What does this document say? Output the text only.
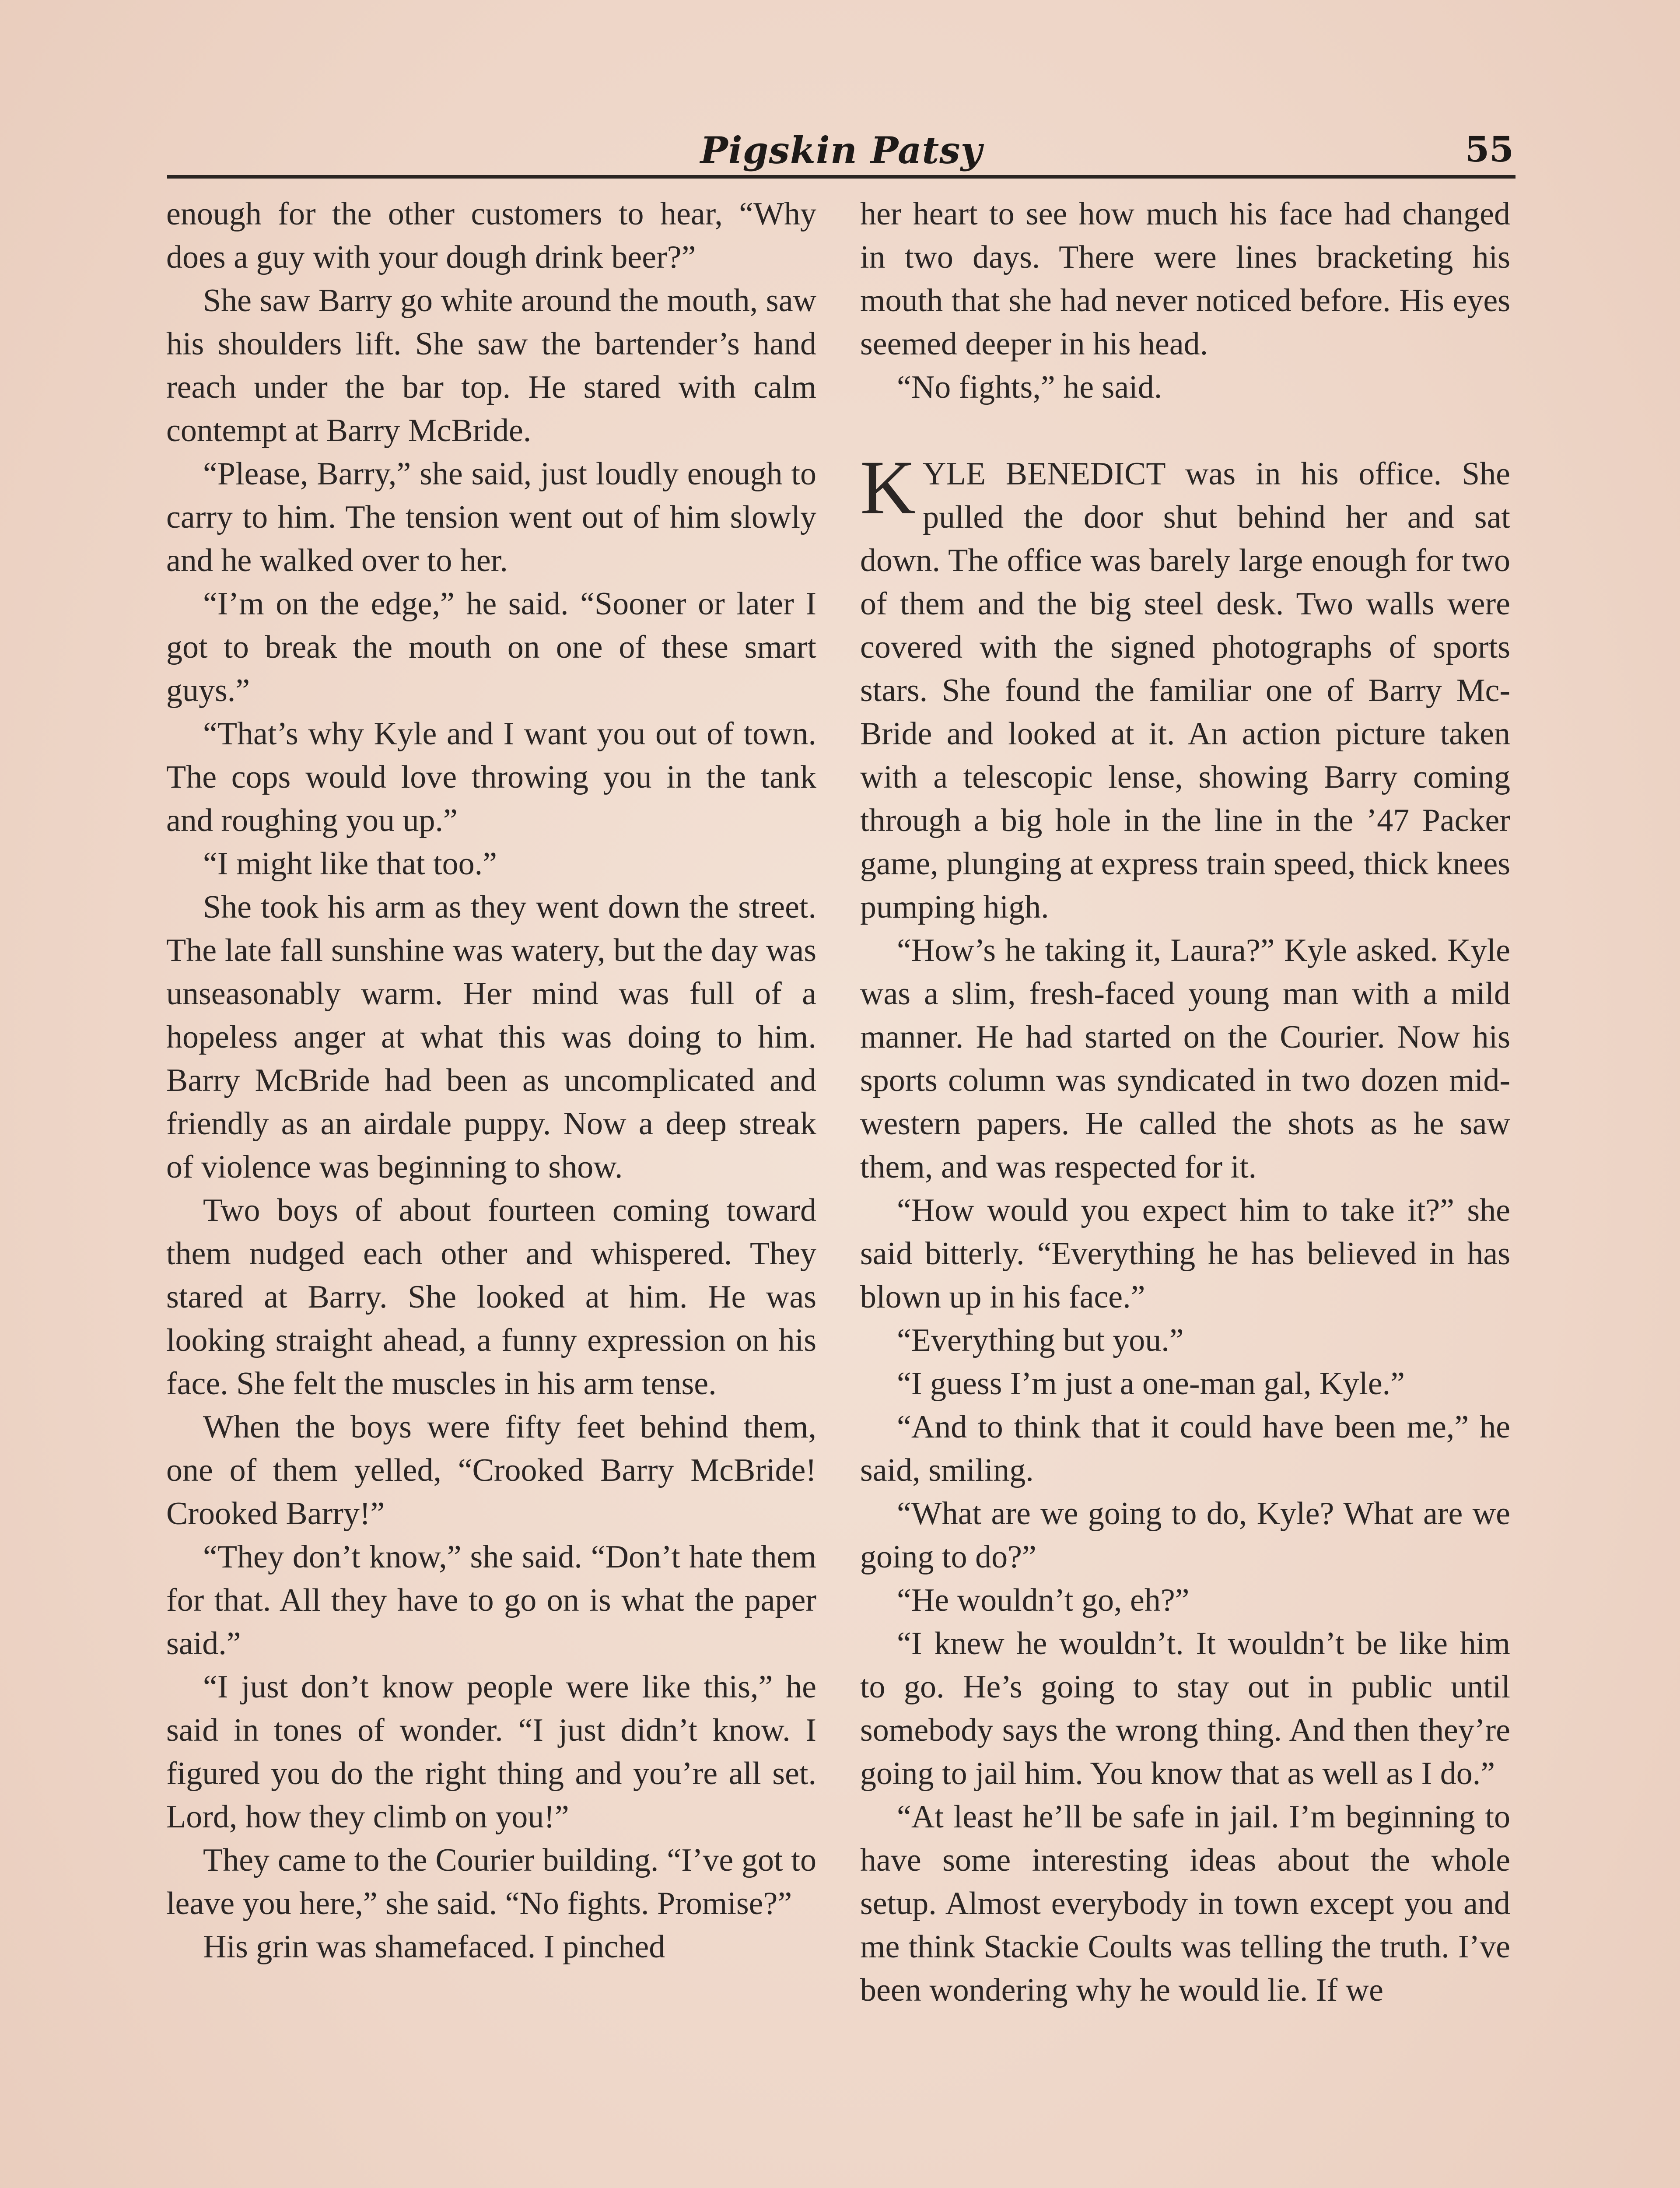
Pigskin Patsy	55

enough for the other customers to hear, “Why does a guy with your dough drink beer?”

She saw Barry go white around the mouth, saw his shoulders lift. She saw the bartender’s hand reach under the bar top. He stared with calm contempt at Barry McBride.

“Please, Barry,” she said, just loudly enough to carry to him. The tension went out of him slowly and he walked over to her.

“I’m on the edge,” he said. “Sooner or later I got to break the mouth on one of these smart guys.”

“That’s why Kyle and I want you out of town. The cops would love throwing you in the tank and roughing you up.”

“I might like that too.”

She took his arm as they went down the street. The late fall sunshine was watery, but the day was unseasonably warm. Her mind was full of a hopeless anger at what this was doing to him. Barry McBride had been as uncomplicated and friendly as an airdale puppy. Now a deep streak of violence was beginning to show.

Two boys of about fourteen coming toward them nudged each other and whispered. They stared at Barry. She looked at him. He was looking straight ahead, a funny expression on his face. She felt the muscles in his arm tense.

When the boys were fifty feet behind them, one of them yelled, “Crooked Barry McBride! Crooked Barry!”

“They don’t know,” she said. “Don’t hate them for that. All they have to go on is what the paper said.”

“I just don’t know people were like this,” he said in tones of wonder. “I just didn’t know. I figured you do the right thing and you’re all set. Lord, how they climb on you!”

They came to the Courier building. “I’ve got to leave you here,” she said. “No fights. Promise?”

His grin was shamefaced. I pinched

her heart to see how much his face had changed in two days. There were lines bracketing his mouth that she had never noticed before. His eyes seemed deeper in his head.

“No fights,” he said.

KYLE BENEDICT was in his office. She pulled the door shut behind her and sat down. The office was barely large enough for two of them and the big steel desk. Two walls were covered with the signed photographs of sports stars. She found the familiar one of Barry McBride and looked at it. An action picture taken with a telescopic lense, showing Barry coming through a big hole in the line in the ’47 Packer game, plunging at express train speed, thick knees pumping high.

“How’s he taking it, Laura?” Kyle asked. Kyle was a slim, fresh-faced young man with a mild manner. He had started on the Courier. Now his sports column was syndicated in two dozen mid-western papers. He called the shots as he saw them, and was respected for it.

“How would you expect him to take it?” she said bitterly. “Everything he has believed in has blown up in his face.”

“Everything but you.”

“I guess I’m just a one-man gal, Kyle.”

“And to think that it could have been me,” he said, smiling.

“What are we going to do, Kyle? What are we going to do?”

“He wouldn’t go, eh?”

“I knew he wouldn’t. It wouldn’t be like him to go. He’s going to stay out in public until somebody says the wrong thing. And then they’re going to jail him. You know that as well as I do.”

“At least he’ll be safe in jail. I’m beginning to have some interesting ideas about the whole setup. Almost everybody in town except you and me think Stackie Coults was telling the truth. I’ve been wondering why he would lie. If we
